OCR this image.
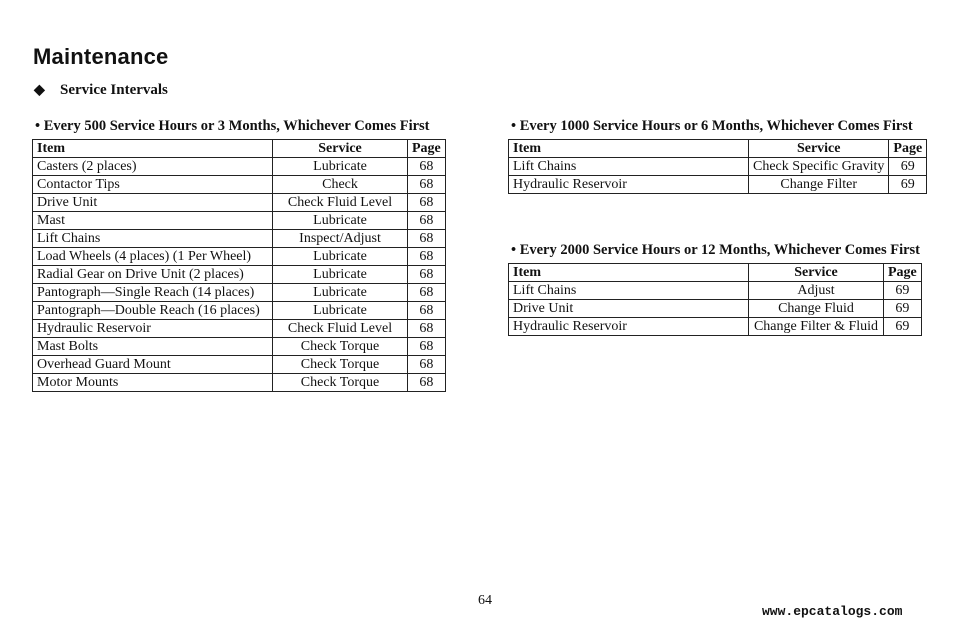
Maintenance
◆ Service Intervals
• Every 500 Service Hours or 3 Months, Whichever Comes First
Item	Service	Page
Casters (2 places)	Lubricate	68
Contactor Tips	Check	68
Drive Unit	Check Fluid Level	68
Mast	Lubricate	68
Lift Chains	Inspect/Adjust	68
Load Wheels (4 places) (1 Per Wheel)	Lubricate	68
Radial Gear on Drive Unit (2 places)	Lubricate	68
Pantograph—Single Reach (14 places)	Lubricate	68
Pantograph—Double Reach (16 places)	Lubricate	68
Hydraulic Reservoir	Check Fluid Level	68
Mast Bolts	Check Torque	68
Overhead Guard Mount	Check Torque	68
Motor Mounts	Check Torque	68
• Every 1000 Service Hours or 6 Months, Whichever Comes First
Item	Service	Page
Lift Chains	Check Specific Gravity	69
Hydraulic Reservoir	Change Filter	69
• Every 2000 Service Hours or 12 Months, Whichever Comes First
Item	Service	Page
Lift Chains	Adjust	69
Drive Unit	Change Fluid	69
Hydraulic Reservoir	Change Filter & Fluid	69
64
www.epcatalogs.com
